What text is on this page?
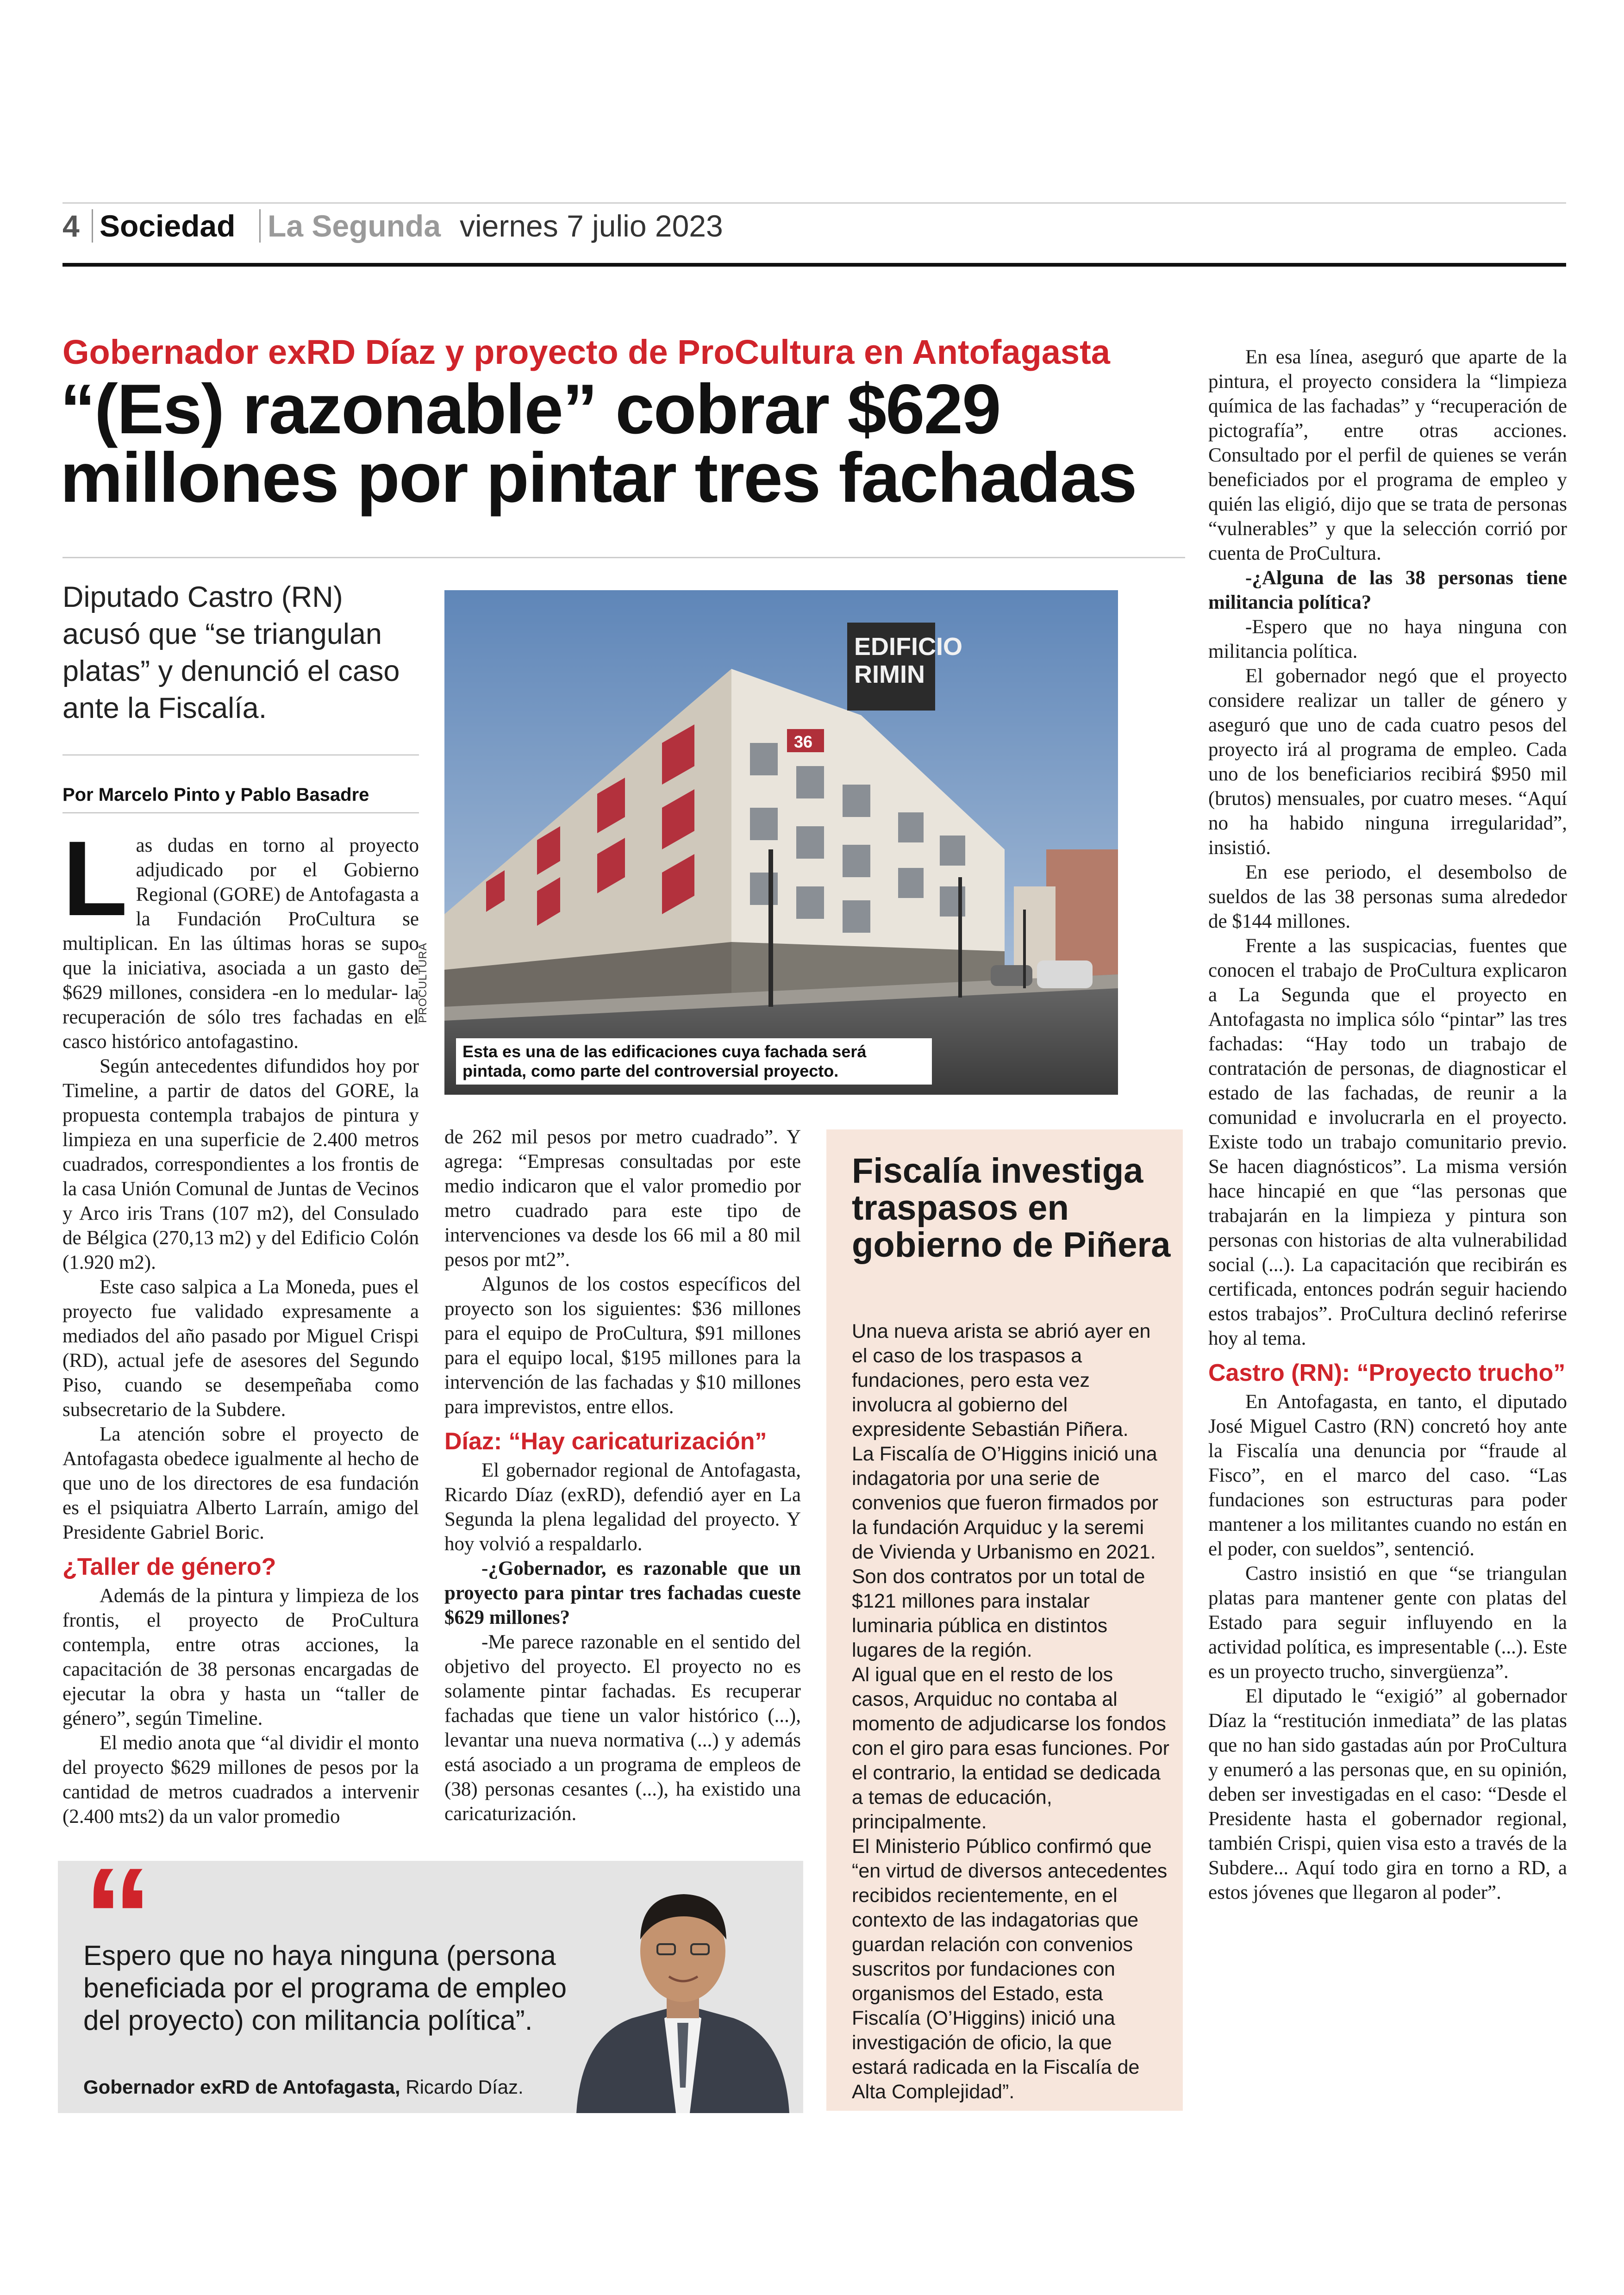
4 Sociedad La Segunda viernes 7 julio 2023
Gobernador exRD Díaz y proyecto de ProCultura en Antofagasta
“(Es) razonable” cobrar $629 millones por pintar tres fachadas
Diputado Castro (RN) acusó que “se triangulan platas” y denunció el caso ante la Fiscalía.
Por Marcelo Pinto y Pablo Basadre
EDIFICIO
RIMIN
36
PROCULTURA
Esta es una de las edificaciones cuya fachada será pintada, como parte del controversial proyecto.
L as dudas en torno al proyecto adjudicado por el Gobierno Regional (GORE) de Antofagasta a la Fundación ProCultura se multiplican. En las últimas horas se supo que la iniciativa, asociada a un gasto de $629 millones, considera -en lo medular- la recuperación de sólo tres fachadas en el casco histórico antofagastino.

Según antecedentes difundidos hoy por Timeline, a partir de datos del GORE, la propuesta contempla trabajos de pintura y limpieza en una superficie de 2.400 metros cuadrados, correspondientes a los frontis de la casa Unión Comunal de Juntas de Vecinos y Arco iris Trans (107 m2), del Consulado de Bélgica (270,13 m2) y del Edificio Colón (1.920 m2).

Este caso salpica a La Moneda, pues el proyecto fue validado expresamente a mediados del año pasado por Miguel Crispi (RD), actual jefe de asesores del Segundo Piso, cuando se desempeñaba como subsecretario de la Subdere.

La atención sobre el proyecto de Antofagasta obedece igualmente al hecho de que uno de los directores de esa fundación es el psiquiatra Alberto Larraín, amigo del Presidente Gabriel Boric.

¿Taller de género?

Además de la pintura y limpieza de los frontis, el proyecto de ProCultura contempla, entre otras acciones, la capacitación de 38 personas encargadas de ejecutar la obra y hasta un “taller de género”, según Timeline.

El medio anota que “al dividir el monto del proyecto $629 millones de pesos por la cantidad de metros cuadrados a intervenir (2.400 mts2) da un valor promedio

de 262 mil pesos por metro cuadrado”. Y agrega: “Empresas consultadas por este medio indicaron que el valor promedio por metro cuadrado para este tipo de intervenciones va desde los 66 mil a 80 mil pesos por mt2”.

Algunos de los costos específicos del proyecto son los siguientes: $36 millones para el equipo de ProCultura, $91 millones para el equipo local, $195 millones para la intervención de las fachadas y $10 millones para imprevistos, entre ellos.

Díaz: “Hay caricaturización”

El gobernador regional de Antofagasta, Ricardo Díaz (exRD), defendió ayer en La Segunda la plena legalidad del proyecto. Y hoy volvió a respaldarlo.

-¿Gobernador, es razonable que un proyecto para pintar tres fachadas cueste $629 millones?

-Me parece razonable en el sentido del objetivo del proyecto. El proyecto no es solamente pintar fachadas. Es recuperar fachadas que tiene un valor histórico (...), levantar una nueva normativa (...) y además está asociado a un programa de empleos de (38) personas cesantes (...), ha existido una caricaturización.

Fiscalía investiga traspasos en gobierno de Piñera

Una nueva arista se abrió ayer en el caso de los traspasos a fundaciones, pero esta vez involucra al gobierno del expresidente Sebastián Piñera.

La Fiscalía de O’Higgins inició una indagatoria por una serie de convenios que fueron firmados por la fundación Arquiduc y la seremi de Vivienda y Urbanismo en 2021. Son dos contratos por un total de $121 millones para instalar luminaria pública en distintos lugares de la región.

Al igual que en el resto de los casos, Arquiduc no contaba al momento de adjudicarse los fondos con el giro para esas funciones. Por el contrario, la entidad se dedicada a temas de educación, principalmente.

El Ministerio Público confirmó que “en virtud de diversos antecedentes recibidos recientemente, en el contexto de las indagatorias que guardan relación con convenios suscritos por fundaciones con organismos del Estado, esta Fiscalía (O’Higgins) inició una investigación de oficio, la que estará radicada en la Fiscalía de Alta Complejidad”.

En esa línea, aseguró que aparte de la pintura, el proyecto considera la “limpieza química de las fachadas” y “recuperación de pictografía”, entre otras acciones. Consultado por el perfil de quienes se verán beneficiados por el programa de empleo y quién las eligió, dijo que se trata de personas “vulnerables” y que la selección corrió por cuenta de ProCultura.

-¿Alguna de las 38 personas tiene militancia política?

-Espero que no haya ninguna con militancia política.

El gobernador negó que el proyecto considere realizar un taller de género y aseguró que uno de cada cuatro pesos del proyecto irá al programa de empleo. Cada uno de los beneficiarios recibirá $950 mil (brutos) mensuales, por cuatro meses. “Aquí no ha habido ninguna irregularidad”, insistió.

En ese periodo, el desembolso de sueldos de las 38 personas suma alrededor de $144 millones.

Frente a las suspicacias, fuentes que conocen el trabajo de ProCultura explicaron a La Segunda que el proyecto en Antofagasta no implica sólo “pintar” las tres fachadas: “Hay todo un trabajo de contratación de personas, de diagnosticar el estado de las fachadas, de reunir a la comunidad e involucrarla en el proyecto. Existe todo un trabajo comunitario previo. Se hacen diagnósticos”. La misma versión hace hincapié en que “las personas que trabajarán en la limpieza y pintura son personas con historias de alta vulnerabilidad social (...). La capacitación que recibirán es certificada, entonces podrán seguir haciendo estos trabajos”. ProCultura declinó referirse hoy al tema.

Castro (RN): “Proyecto trucho”

En Antofagasta, en tanto, el diputado José Miguel Castro (RN) concretó hoy ante la Fiscalía una denuncia por “fraude al Fisco”, en el marco del caso. “Las fundaciones son estructuras para poder mantener a los militantes cuando no están en el poder, con sueldos”, sentenció.

Castro insistió en que “se triangulan platas para mantener gente con platas del Estado para seguir influyendo en la actividad política, es impresentable (...). Este es un proyecto trucho, sinvergüenza”.

El diputado le “exigió” al gobernador Díaz la “restitución inmediata” de las platas que no han sido gastadas aún por ProCultura y enumeró a las personas que, en su opinión, deben ser investigadas en el caso: “Desde el Presidente hasta el gobernador regional, también Crispi, quien visa esto a través de la Subdere... Aquí todo gira en torno a RD, a estos jóvenes que llegaron al poder”.

“
Espero que no haya ninguna (persona beneficiada por el programa de empleo del proyecto) con militancia política”.
Gobernador exRD de Antofagasta, Ricardo Díaz.
